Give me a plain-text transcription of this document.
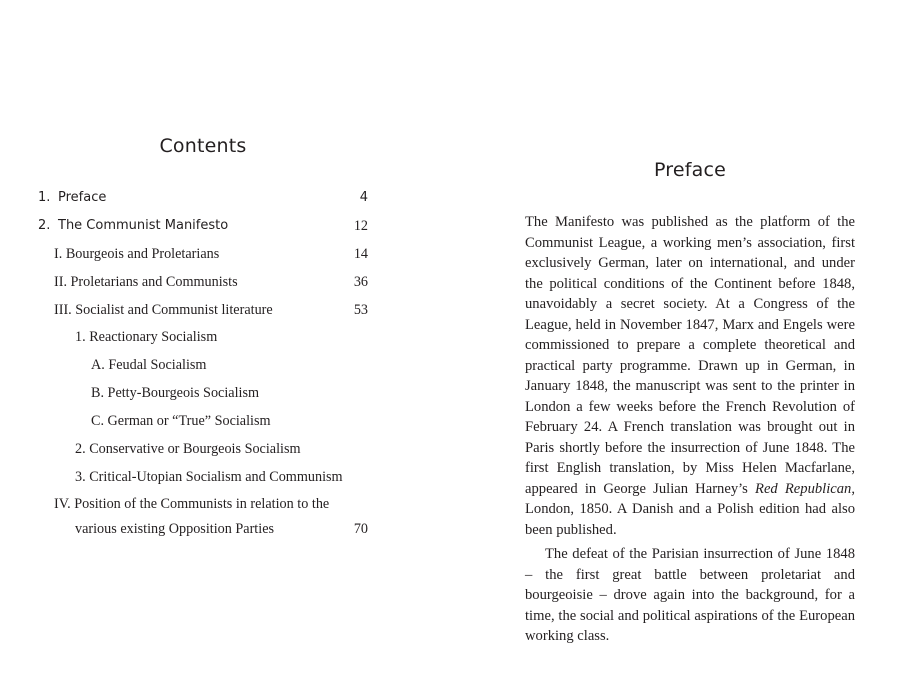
Contents
1. Preface	4
2. The Communist Manifesto	12
I. Bourgeois and Proletarians	14
II. Proletarians and Communists	36
III. Socialist and Communist literature	53
1. Reactionary Socialism
A. Feudal Socialism
B. Petty-Bourgeois Socialism
C. German or “True” Socialism
2. Conservative or Bourgeois Socialism
3. Critical-Utopian Socialism and Communism
IV. Position of the Communists in relation to the
various existing Opposition Parties	70
Preface

The Manifesto was published as the platform of the Communist League, a working men’s association, first exclusively German, later on international, and under the political conditions of the Continent before 1848, unavoidably a secret society. At a Congress of the League, held in November 1847, Marx and Engels were commissioned to prepare a complete theoretical and practical party programme. Drawn up in German, in January 1848, the manuscript was sent to the printer in London a few weeks before the French Revolution of February 24. A French translation was brought out in Paris shortly before the insurrection of June 1848. The first English translation, by Miss Helen Macfarlane, appeared in George Julian Harney’s Red Republican, London, 1850. A Danish and a Polish edition had also been published.

The defeat of the Parisian insurrection of June 1848 – the first great battle between proletariat and bourgeoisie – drove again into the background, for a time, the social and political aspirations of the European working class.
